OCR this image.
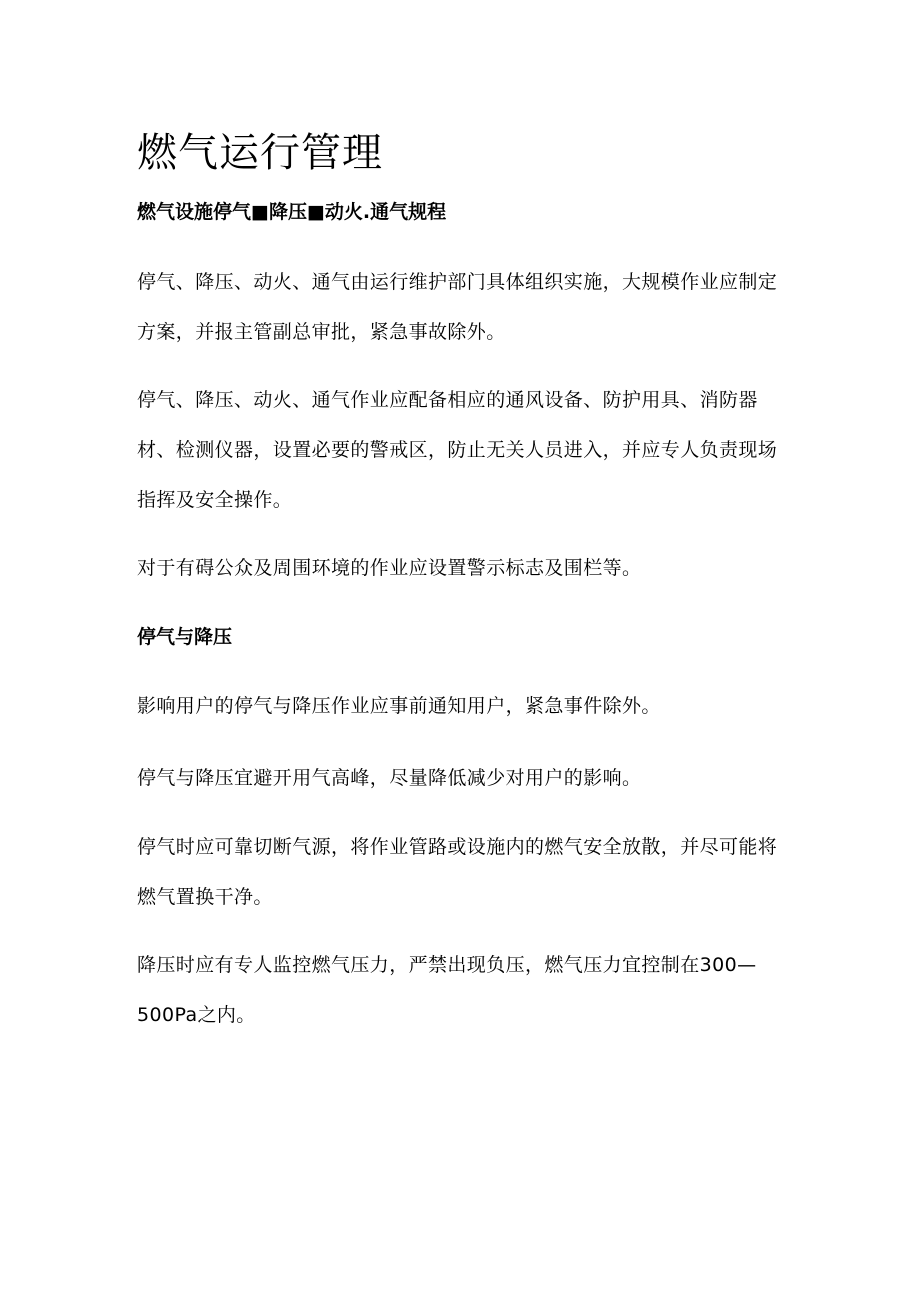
燃气运行管理
燃气设施停气■降压■动火.通气规程

停气、降压、动火、通气由运行维护部门具体组织实施，大规模作业应制定方案，并报主管副总审批，紧急事故除外。

停气、降压、动火、通气作业应配备相应的通风设备、防护用具、消防器材、检测仪器，设置必要的警戒区，防止无关人员进入，并应专人负责现场指挥及安全操作。

对于有碍公众及周围环境的作业应设置警示标志及围栏等。

停气与降压

影响用户的停气与降压作业应事前通知用户，紧急事件除外。

停气与降压宜避开用气高峰，尽量降低减少对用户的影响。

停气时应可靠切断气源，将作业管路或设施内的燃气安全放散，并尽可能将燃气置换干净。

降压时应有专人监控燃气压力，严禁出现负压，燃气压力宜控制在300—500Pa之内。
